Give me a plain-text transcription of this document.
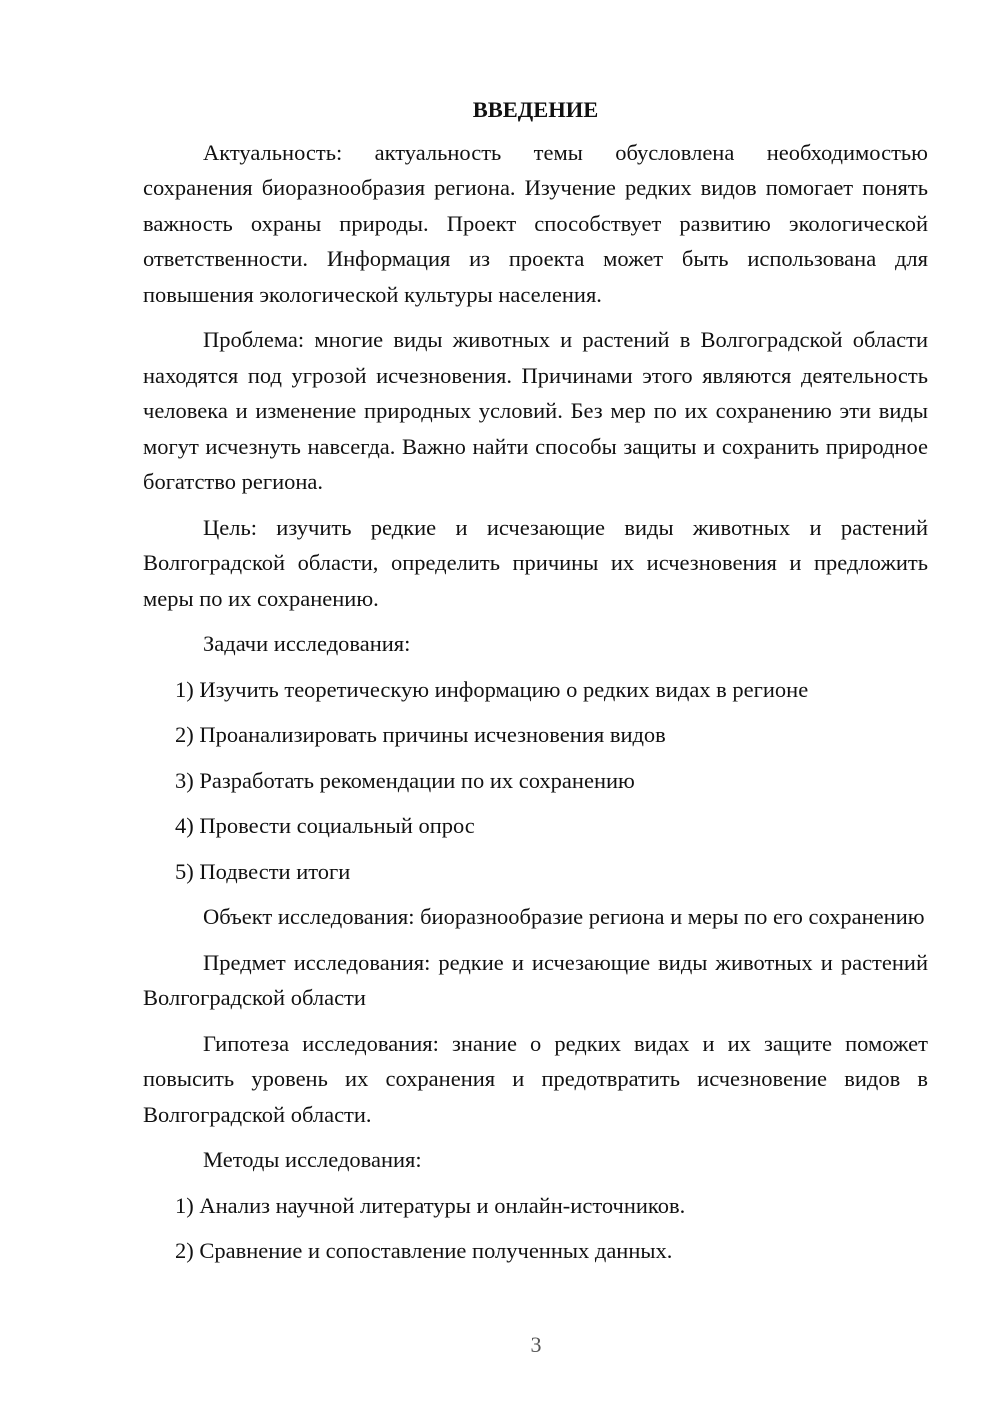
ВВЕДЕНИЕ

Актуальность: актуальность темы обусловлена необходимостью сохранения биоразнообразия региона. Изучение редких видов помогает понять важность охраны природы. Проект способствует развитию экологической ответственности. Информация из проекта может быть использована для повышения экологической культуры населения.

Проблема: многие виды животных и растений в Волгоградской области находятся под угрозой исчезновения. Причинами этого являются деятельность человека и изменение природных условий. Без мер по их сохранению эти виды могут исчезнуть навсегда. Важно найти способы защиты и сохранить природное богатство региона.

Цель: изучить редкие и исчезающие виды животных и растений Волгоградской области, определить причины их исчезновения и предложить меры по их сохранению.

Задачи исследования:

1) Изучить теоретическую информацию о редких видах в регионе
2) Проанализировать причины исчезновения видов
3) Разработать рекомендации по их сохранению
4) Провести социальный опрос
5) Подвести итоги

Объект исследования: биоразнообразие региона и меры по его сохранению

Предмет исследования: редкие и исчезающие виды животных и растений Волгоградской области

Гипотеза исследования: знание о редких видах и их защите поможет повысить уровень их сохранения и предотвратить исчезновение видов в Волгоградской области.

Методы исследования:

1) Анализ научной литературы и онлайн-источников.
2) Сравнение и сопоставление полученных данных.
3
